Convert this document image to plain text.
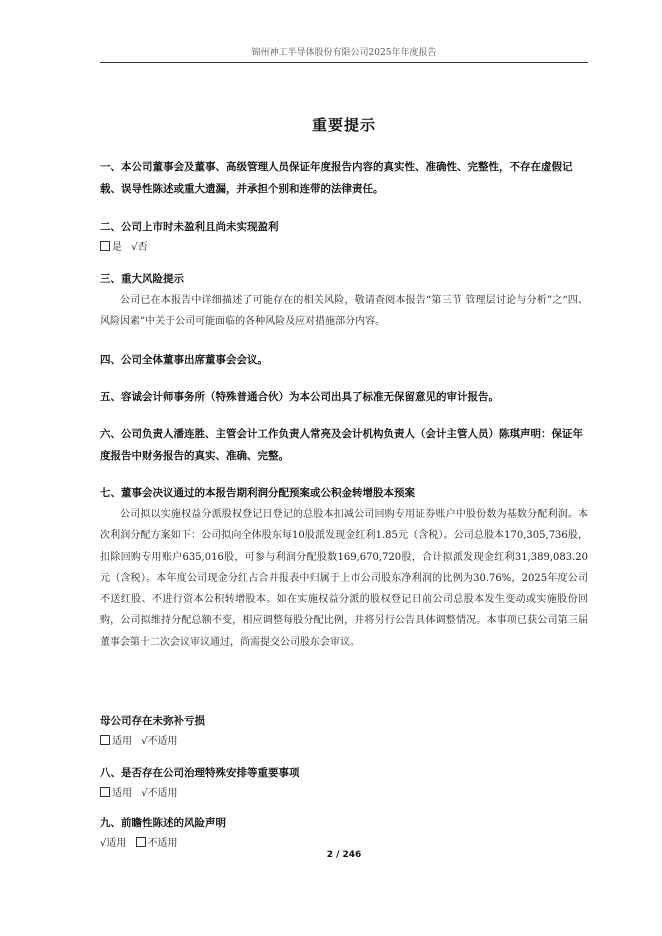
锦州神工半导体股份有限公司2025年年度报告
重要提示

一、本公司董事会及董事、高级管理人员保证年度报告内容的真实性、准确性、完整性，不存在虚假记载、误导性陈述或重大遗漏，并承担个别和连带的法律责任。

二、公司上市时未盈利且尚未实现盈利

是 √否

三、重大风险提示

公司已在本报告中详细描述了可能存在的相关风险，敬请查阅本报告“第三节 管理层讨论与分析”之“四、风险因素”中关于公司可能面临的各种风险及应对措施部分内容。

四、公司全体董事出席董事会会议。

五、容诚会计师事务所（特殊普通合伙）为本公司出具了标准无保留意见的审计报告。

六、公司负责人潘连胜、主管会计工作负责人常亮及会计机构负责人（会计主管人员）陈琪声明：保证年度报告中财务报告的真实、准确、完整。

七、董事会决议通过的本报告期利润分配预案或公积金转增股本预案

公司拟以实施权益分派股权登记日登记的总股本扣减公司回购专用证券账户中股份数为基数分配利润。本次利润分配方案如下：公司拟向全体股东每10股派发现金红利1.85元（含税）。公司总股本170,305,736股，扣除回购专用账户635,016股，可参与利润分配股数169,670,720股，合计拟派发现金红利31,389,083.20元（含税）。本年度公司现金分红占合并报表中归属于上市公司股东净利润的比例为30.76%，2025年度公司不送红股、不进行资本公积转增股本。如在实施权益分派的股权登记日前公司总股本发生变动或实施股份回购，公司拟维持分配总额不变，相应调整每股分配比例，并将另行公告具体调整情况。本事项已获公司第三届董事会第十二次会议审议通过，尚需提交公司股东会审议。

母公司存在未弥补亏损

适用 √不适用

八、是否存在公司治理特殊安排等重要事项

适用 √不适用

九、前瞻性陈述的风险声明

√适用 不适用
2 / 246
